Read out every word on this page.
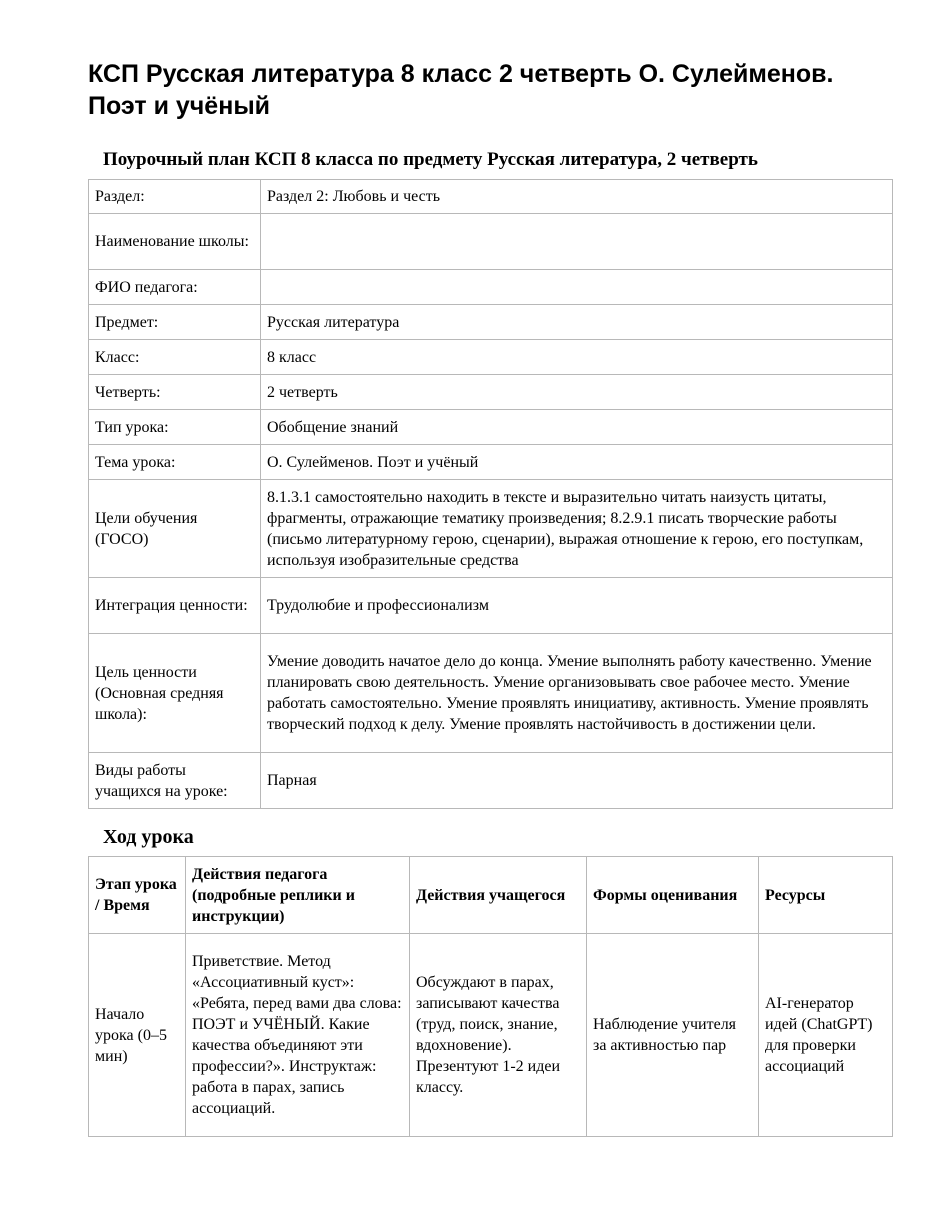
КСП Русская литература 8 класс 2 четверть О. Сулейменов. Поэт и учёный
Поурочный план КСП 8 класса по предмету Русская литература, 2 четверть
Раздел:	Раздел 2: Любовь и честь
Наименование школы:	
ФИО педагога:	
Предмет:	Русская литература
Класс:	8 класс
Четверть:	2 четверть
Тип урока:	Обобщение знаний
Тема урока:	О. Сулейменов. Поэт и учёный
Цели обучения (ГОСО)	8.1.3.1 самостоятельно находить в тексте и выразительно читать наизусть цитаты, фрагменты, отражающие тематику произведения; 8.2.9.1 писать творческие работы (письмо литературному герою, сценарии), выражая отношение к герою, его поступкам, используя изобразительные средства
Интеграция ценности:	Трудолюбие и профессионализм
Цель ценности (Основная средняя школа):	Умение доводить начатое дело до конца. Умение выполнять работу качественно. Умение планировать свою деятельность. Умение организовывать свое рабочее место. Умение работать самостоятельно. Умение проявлять инициативу, активность. Умение проявлять творческий подход к делу. Умение проявлять настойчивость в достижении цели.
Виды работы учащихся на уроке:	Парная
Ход урока
Этап урока / Время	Действия педагога (подробные реплики и инструкции)	Действия учащегося	Формы оценивания	Ресурсы
Начало урока (0–5 мин)	Приветствие. Метод «Ассоциативный куст»: «Ребята, перед вами два слова: ПОЭТ и УЧЁНЫЙ. Какие качества объединяют эти профессии?». Инструктаж: работа в парах, запись ассоциаций.	Обсуждают в парах, записывают качества (труд, поиск, знание, вдохновение). Презентуют 1-2 идеи классу.	Наблюдение учителя за активностью пар	AI-генератор идей (ChatGPT) для проверки ассоциаций
